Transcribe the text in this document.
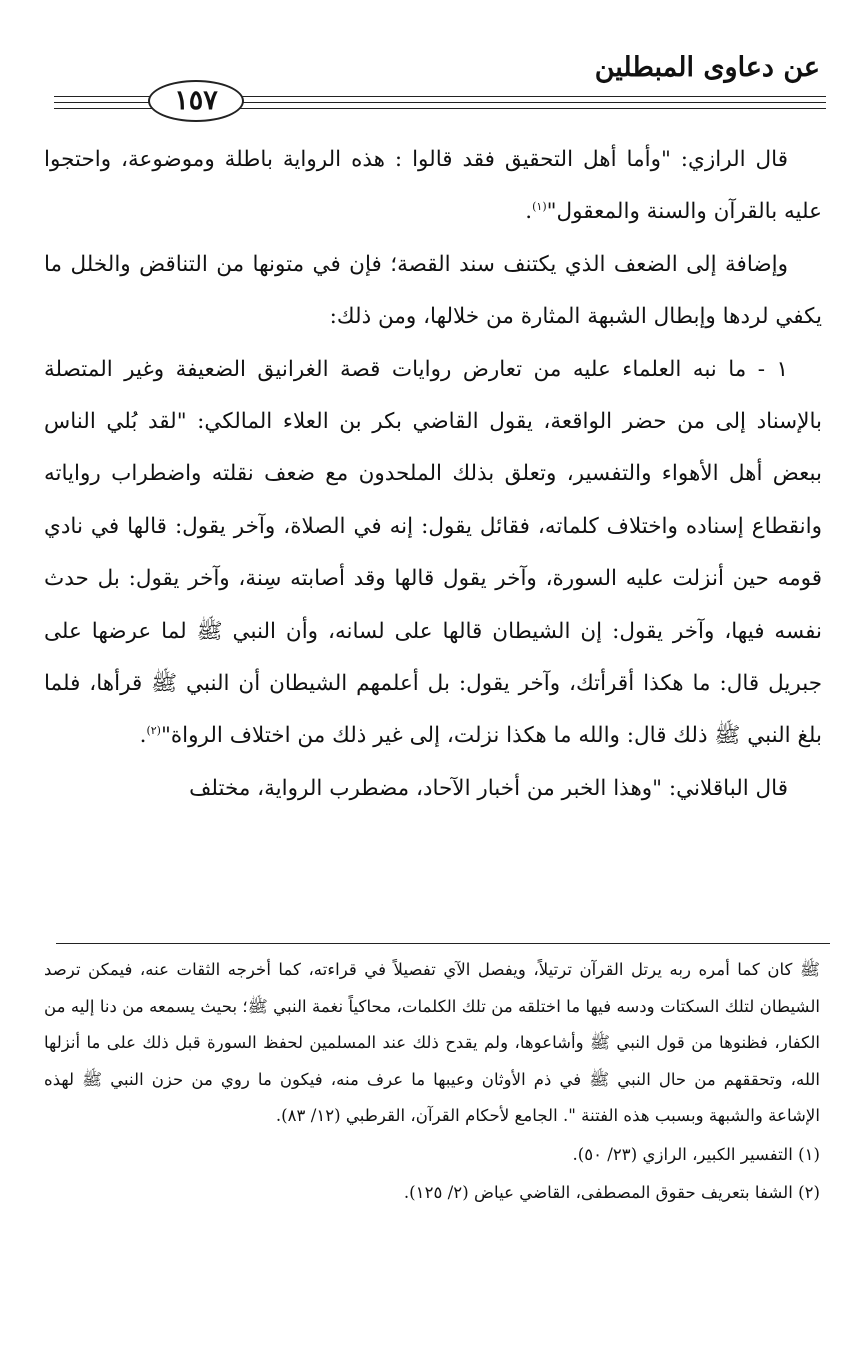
عن دعاوى المبطلين
١٥٧

قال الرازي: "وأما أهل التحقيق فقد قالوا : هذه الرواية باطلة وموضوعة، واحتجوا عليه بالقرآن والسنة والمعقول"$^{(١)}$.

وإضافة إلى الضعف الذي يكتنف سند القصة؛ فإن في متونها من التناقض والخلل ما يكفي لردها وإبطال الشبهة المثارة من خلالها، ومن ذلك:

١ - ما نبه العلماء عليه من تعارض روايات قصة الغرانيق الضعيفة وغير المتصلة بالإسناد إلى من حضر الواقعة، يقول القاضي بكر بن العلاء المالكي: "لقد بُلي الناس ببعض أهل الأهواء والتفسير، وتعلق بذلك الملحدون مع ضعف نقلته واضطراب رواياته وانقطاع إسناده واختلاف كلماته، فقائل يقول: إنه في الصلاة، وآخر يقول: قالها في نادي قومه حين أنزلت عليه السورة، وآخر يقول قالها وقد أصابته سِنة، وآخر يقول: بل حدث نفسه فيها، وآخر يقول: إن الشيطان قالها على لسانه، وأن النبي ﷺ لما عرضها على جبريل قال: ما هكذا أقرأتك، وآخر يقول: بل أعلمهم الشيطان أن النبي ﷺ قرأها، فلما بلغ النبي ﷺ ذلك قال: والله ما هكذا نزلت، إلى غير ذلك من اختلاف الرواة"$^{(٢)}$.

قال الباقلاني: "وهذا الخبر من أخبار الآحاد، مضطرب الرواية، مختلف

ﷺ كان كما أمره ربه يرتل القرآن ترتيلاً، ويفصل الآي تفصيلاً في قراءته، كما أخرجه الثقات عنه، فيمكن ترصد الشيطان لتلك السكتات ودسه فيها ما اختلقه من تلك الكلمات، محاكياً نغمة النبي ﷺ؛ بحيث يسمعه من دنا إليه من الكفار، فظنوها من قول النبي ﷺ وأشاعوها، ولم يقدح ذلك عند المسلمين لحفظ السورة قبل ذلك على ما أنزلها الله، وتحققهم من حال النبي ﷺ في ذم الأوثان وعيبها ما عرف منه، فيكون ما روي من حزن النبي ﷺ لهذه الإشاعة والشبهة وبسبب هذه الفتنة ". الجامع لأحكام القرآن، القرطبي (١٢/ ٨٣).

(١) التفسير الكبير، الرازي (٢٣/ ٥٠).

(٢) الشفا بتعريف حقوق المصطفى، القاضي عياض (٢/ ١٢٥).
